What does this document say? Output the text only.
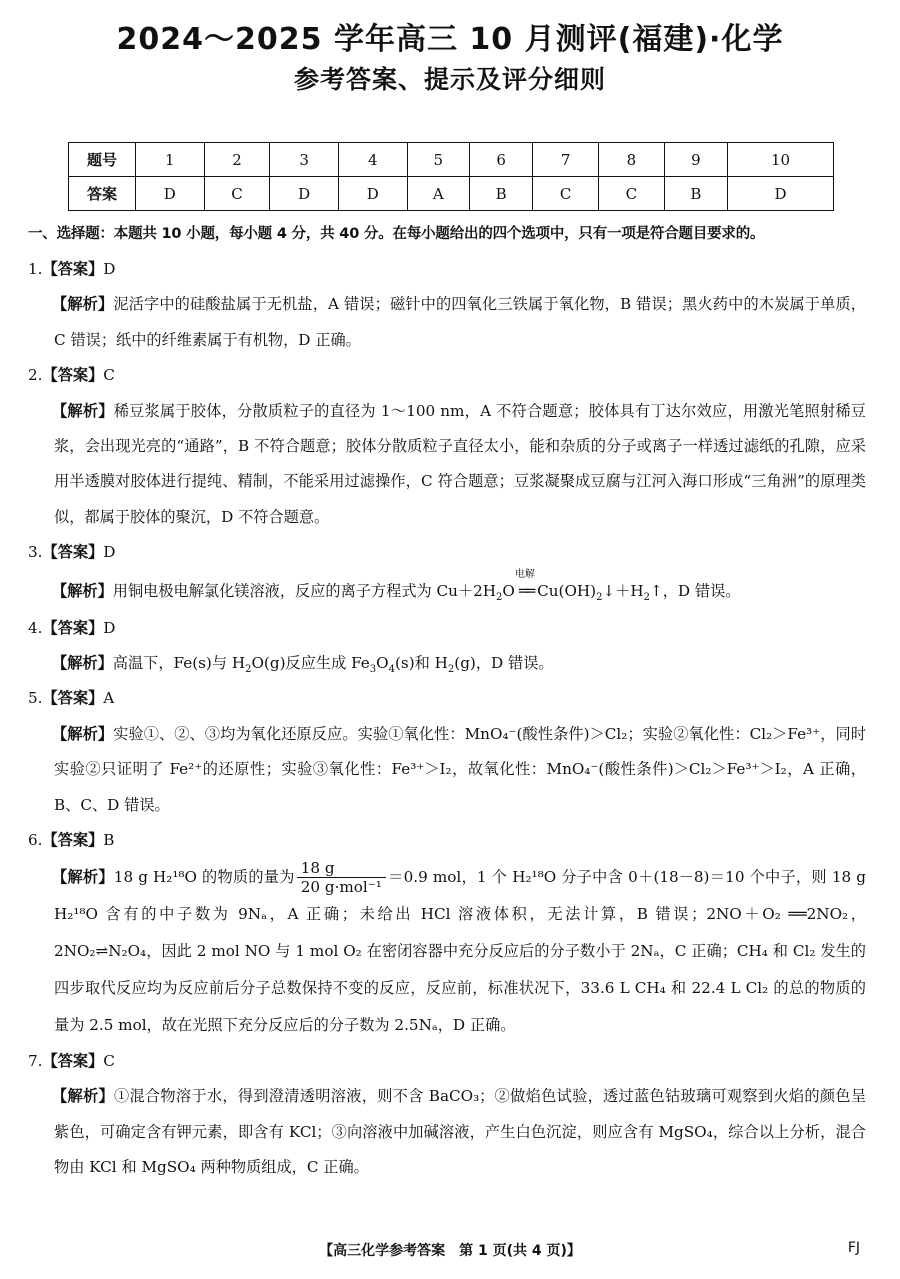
2024～2025 学年高三 10 月测评(福建)·化学
参考答案、提示及评分细则
题号	1	2	3	4	5	6	7	8	9	10
答案	D	C	D	D	A	B	C	C	B	D
一、选择题：本题共 10 小题，每小题 4 分，共 40 分。在每小题给出的四个选项中，只有一项是符合题目要求的。

1.【答案】D

【解析】泥活字中的硅酸盐属于无机盐，A 错误；磁针中的四氧化三铁属于氧化物，B 错误；黑火药中的木炭属于单质，C 错误；纸中的纤维素属于有机物，D 正确。

2.【答案】C

【解析】稀豆浆属于胶体，分散质粒子的直径为 1～100 nm，A 不符合题意；胶体具有丁达尔效应，用激光笔照射稀豆浆，会出现光亮的“通路”，B 不符合题意；胶体分散质粒子直径太小，能和杂质的分子或离子一样透过滤纸的孔隙，应采用半透膜对胶体进行提纯、精制，不能采用过滤操作，C 符合题意；豆浆凝聚成豆腐与江河入海口形成“三角洲”的原理类似，都属于胶体的聚沉，D 不符合题意。

3.【答案】D

【解析】用铜电极电解氯化镁溶液，反应的离子方程式为 $Cu+2H_2O$
电解
══ $Cu(OH)_2↓+H_2↑$，D 错误。

4.【答案】D

【解析】高温下，Fe(s)与 $H_2O(g)$反应生成 $Fe_3O_4(s)$和 $H_2(g)$，D 错误。

5.【答案】A

【解析】实验①、②、③均为氧化还原反应。实验①氧化性：MnO₄⁻(酸性条件)＞Cl₂；实验②氧化性：Cl₂＞Fe³⁺，同时实验②只证明了 Fe²⁺的还原性；实验③氧化性：Fe³⁺＞I₂，故氧化性：MnO₄⁻(酸性条件)＞Cl₂＞Fe³⁺＞I₂，A 正确，B、C、D 错误。

6.【答案】B

【解析】18 g H₂¹⁸O 的物质的量为 $\frac{18 g}{\text{20 g·mol⁻¹}} =0.9$ mol，1 个 H₂¹⁸O 分子中含 0＋(18－8)＝10 个中子，则 18 g H₂¹⁸O 含有的中子数为 9Nₐ，A 正确；未给出 HCl 溶液体积，无法计算，B 错误；2NO＋O₂ ══2NO₂，2NO₂⇌N₂O₄，因此 2 mol NO 与 1 mol O₂ 在密闭容器中充分反应后的分子数小于 2Nₐ，C 正确；CH₄ 和 Cl₂ 发生的四步取代反应均为反应前后分子总数保持不变的反应，反应前，标准状况下，33.6 L CH₄ 和 22.4 L Cl₂ 的总的物质的量为 2.5 mol，故在光照下充分反应后的分子数为 2.5Nₐ，D 正确。

7.【答案】C

【解析】①混合物溶于水，得到澄清透明溶液，则不含 BaCO₃；②做焰色试验，透过蓝色钴玻璃可观察到火焰的颜色呈紫色，可确定含有钾元素，即含有 KCl；③向溶液中加碱溶液，产生白色沉淀，则应含有 MgSO₄，综合以上分析，混合物由 KCl 和 MgSO₄ 两种物质组成，C 正确。

【高三化学参考答案　第 1 页(共 4 页)】	FJ
